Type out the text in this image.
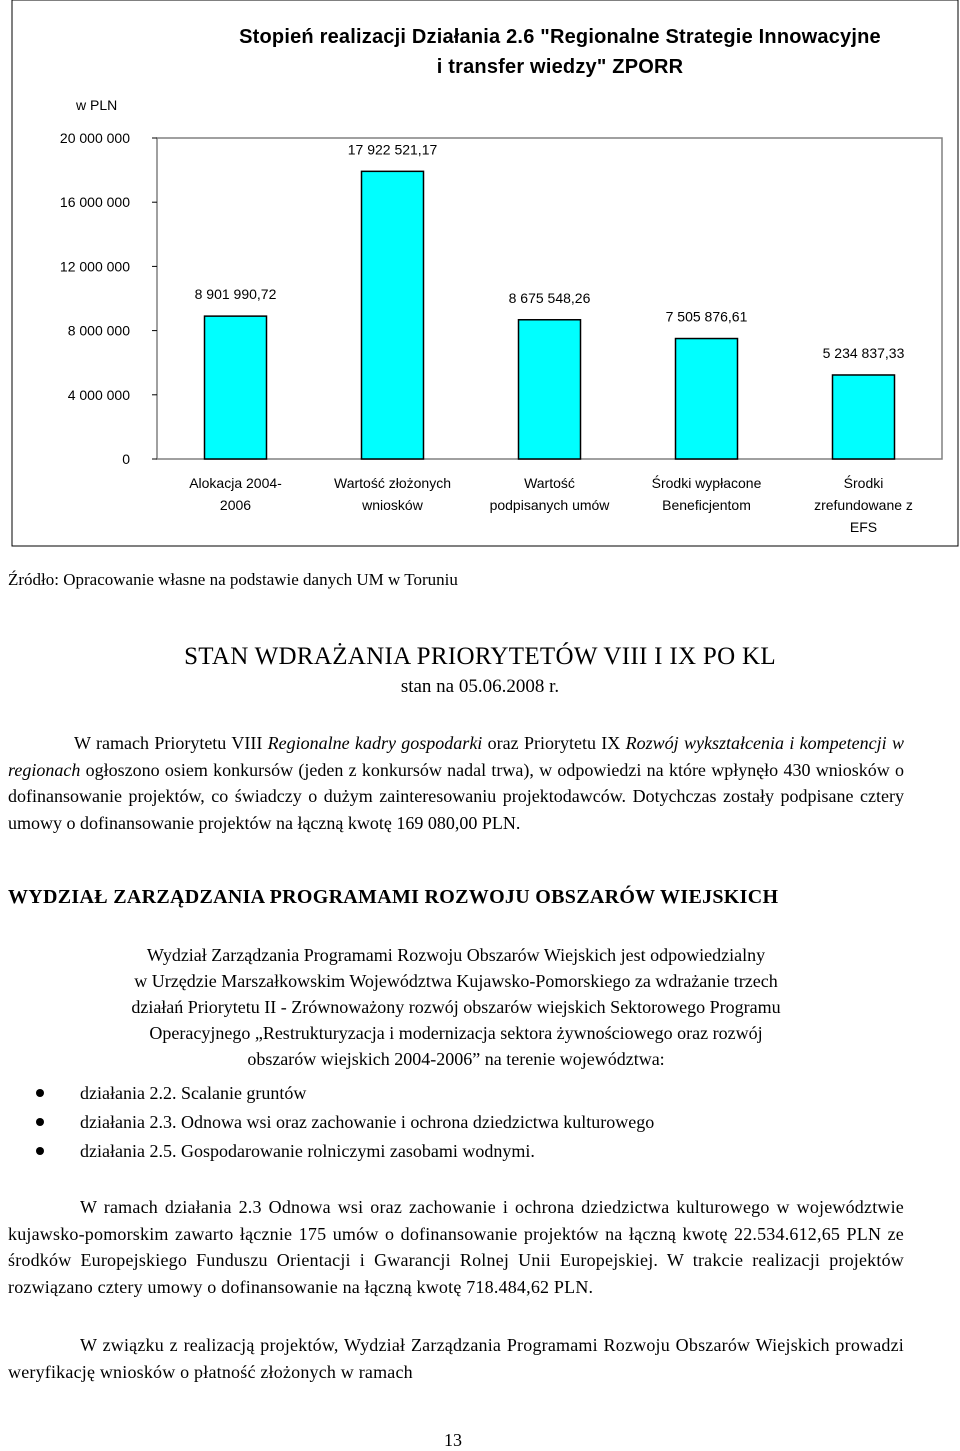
Stopień realizacji Działania 2.6 "Regionalne Strategie Innowacyjne
i transfer wiedzy" ZPORR
w PLN
0
4 000 000
8 000 000
12 000 000
16 000 000
20 000 000
8 901 990,72
Alokacja 2004-
2006
17 922 521,17
Wartość złożonych
wniosków
8 675 548,26
Wartość
podpisanych umów
7 505 876,61
Środki wypłacone
Beneficjentom
5 234 837,33
Środki
zrefundowane z
EFS
Źródło: Opracowanie własne na podstawie danych UM w Toruniu
STAN WDRAŻANIA PRIORYTETÓW VIII I IX PO KL
stan na 05.06.2008 r.
W ramach Priorytetu VIII Regionalne kadry gospodarki oraz Priorytetu IX Rozwój wykształcenia i kompetencji w regionach ogłoszono osiem konkursów (jeden z konkursów nadal trwa), w odpowiedzi na które wpłynęło 430 wniosków o dofinansowanie projektów, co świadczy o dużym zainteresowaniu projektodawców. Dotychczas zostały podpisane cztery umowy o dofinansowanie projektów na łączną kwotę 169 080,00 PLN.
WYDZIAŁ ZARZĄDZANIA PROGRAMAMI ROZWOJU OBSZARÓW WIEJSKICH
Wydział Zarządzania Programami Rozwoju Obszarów Wiejskich jest odpowiedzialny
w Urzędzie Marszałkowskim Województwa Kujawsko-Pomorskiego za wdrażanie trzech
działań Priorytetu II - Zrównoważony rozwój obszarów wiejskich Sektorowego Programu
Operacyjnego „Restrukturyzacja i modernizacja sektora żywnościowego oraz rozwój
obszarów wiejskich 2004-2006” na terenie województwa:
działania 2.2. Scalanie gruntów
działania 2.3. Odnowa wsi oraz zachowanie i ochrona dziedzictwa kulturowego
działania 2.5. Gospodarowanie rolniczymi zasobami wodnymi.
W ramach działania 2.3 Odnowa wsi oraz zachowanie i ochrona dziedzictwa kulturowego w województwie kujawsko-pomorskim zawarto łącznie 175 umów o dofinansowanie projektów na łączną kwotę 22.534.612,65 PLN ze środków Europejskiego Funduszu Orientacji i Gwarancji Rolnej Unii Europejskiej. W trakcie realizacji projektów rozwiązano cztery umowy o dofinansowanie na łączną kwotę 718.484,62 PLN.
W związku z realizacją projektów, Wydział Zarządzania Programami Rozwoju Obszarów Wiejskich prowadzi weryfikację wniosków o płatność złożonych w ramach
13
